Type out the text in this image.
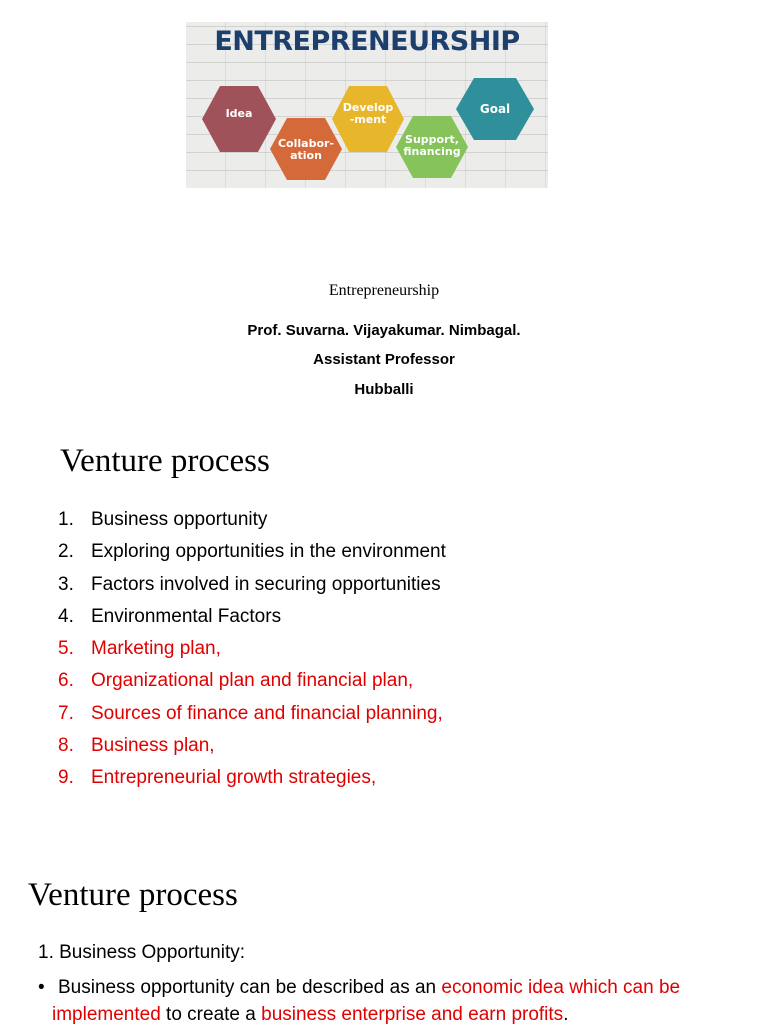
ENTREPRENEURSHIP
Idea
Collabor-
ation
Develop
-ment
Support,
financing
Goal
Entrepreneurship
Prof. Suvarna. Vijayakumar. Nimbagal.
Assistant Professor
Hubballi
Venture process
1. Business opportunity
2. Exploring opportunities in the environment
3. Factors involved in securing opportunities
4. Environmental Factors
5. Marketing plan,
6. Organizational plan and financial plan,
7. Sources of finance and financial planning,
8. Business plan,
9. Entrepreneurial growth strategies,
Venture process
1. Business Opportunity:
• Business opportunity can be described as an economic idea which can be implemented to create a business enterprise and earn profits.
